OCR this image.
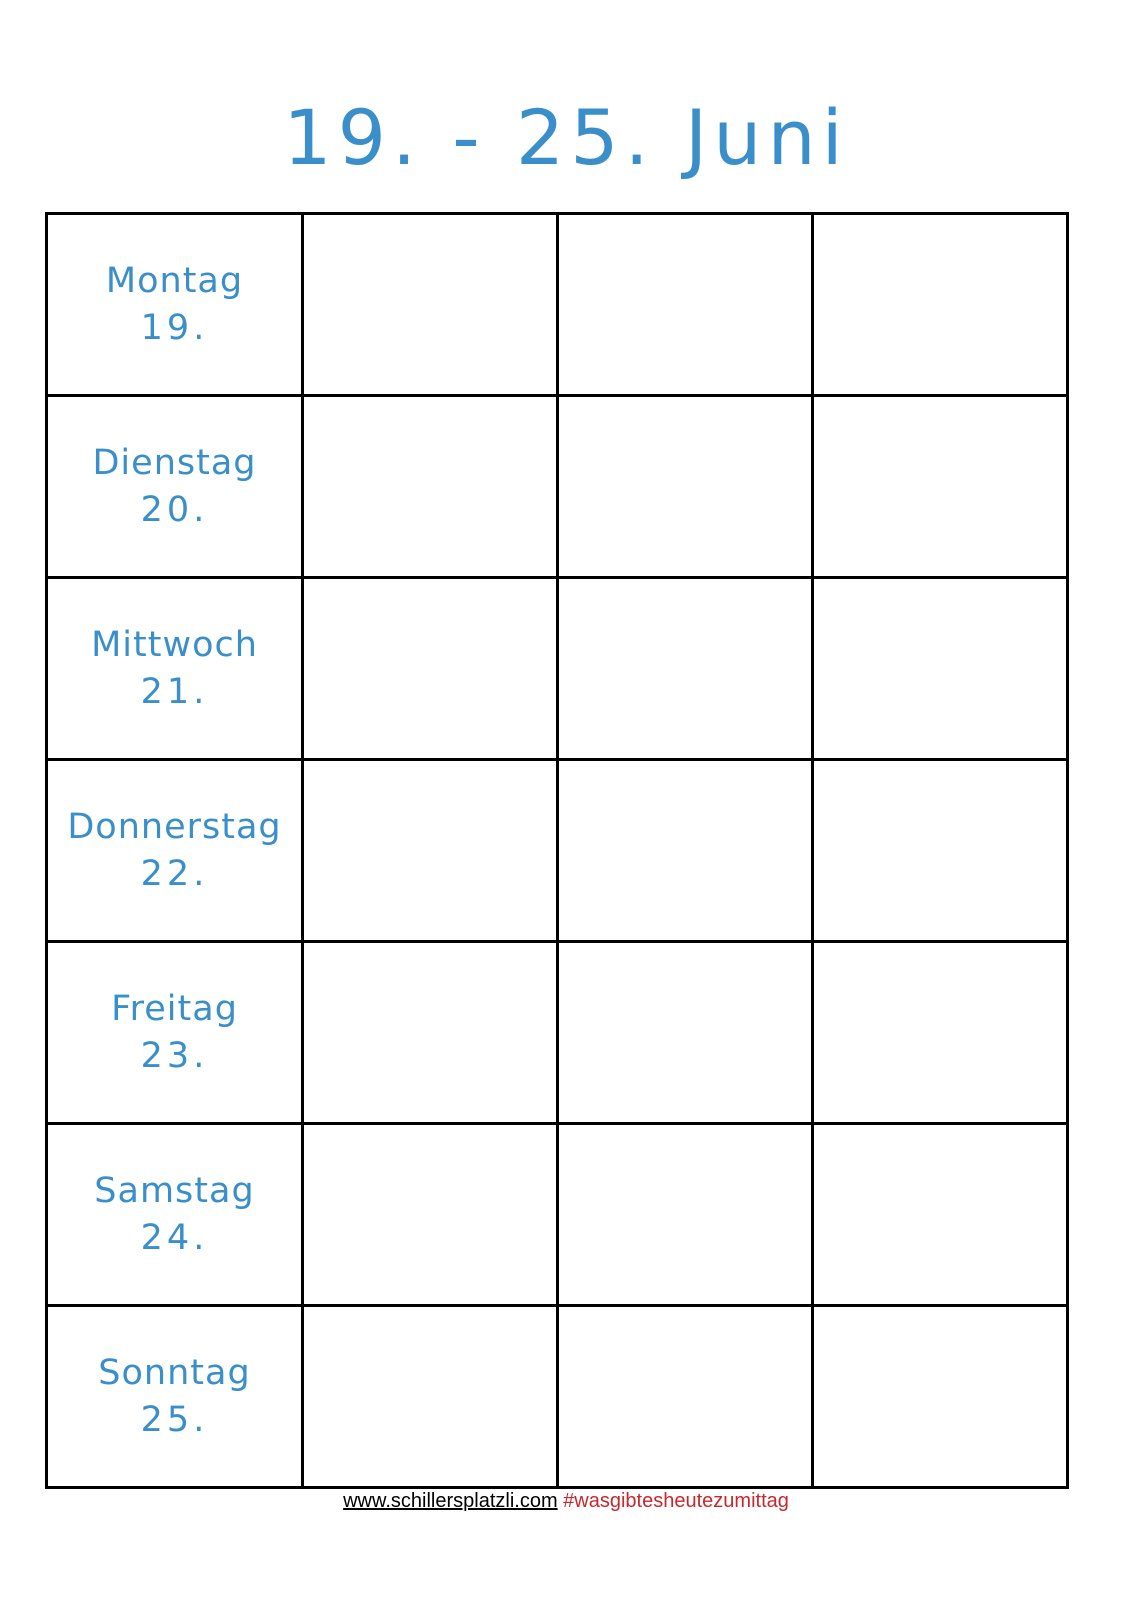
19. - 25. Juni
Montag
19.			

Dienstag
20.			

Mittwoch
21.			

Donnerstag
22.			

Freitag
23.			

Samstag
24.			

Sonntag
25.			

www.schillersplatzli.com #wasgibtesheutezumittag
